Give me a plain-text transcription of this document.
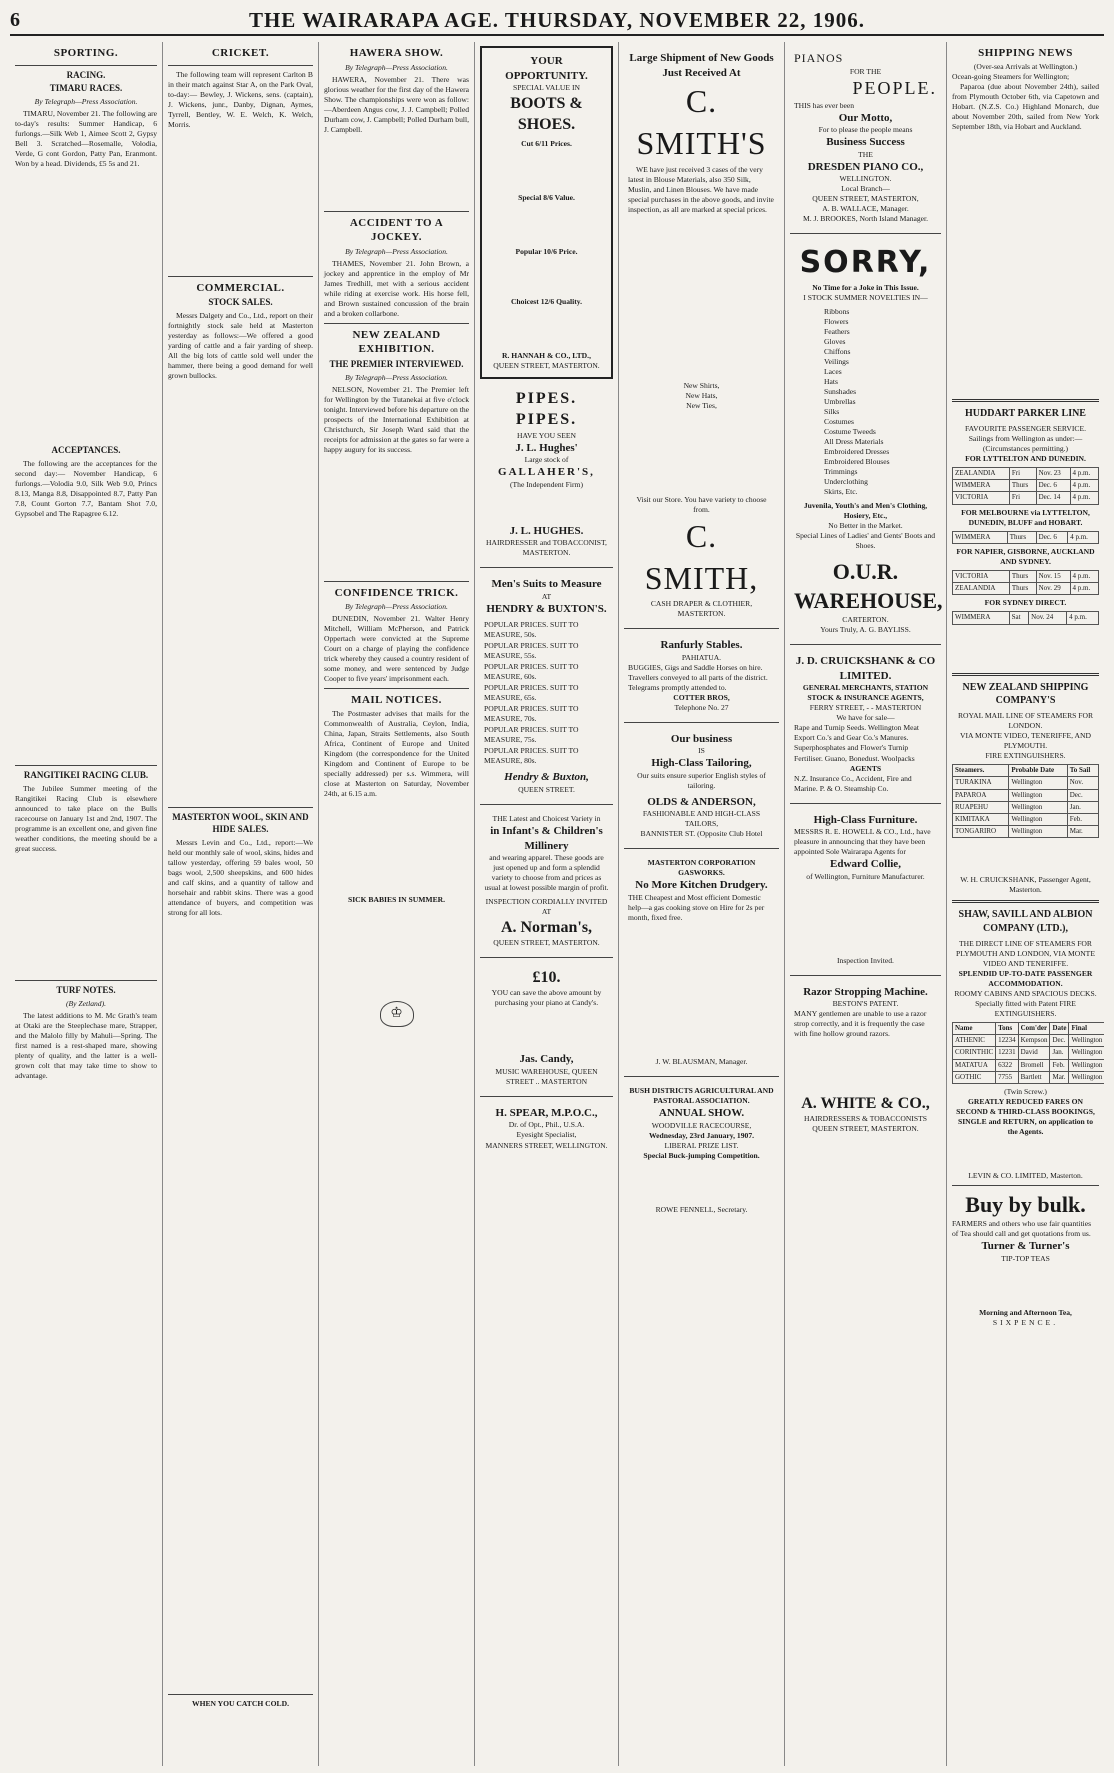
6	THE WAIRARAPA AGE. THURSDAY, NOVEMBER 22, 1906.
SPORTING.
RACING.
TIMARU RACES.
By Telegraph—Press Association.
TIMARU, November 21. The following are to-day's results: Summer Handicap, 6 furlongs.—Silk Web 1, Aimee Scott 2, Gypsy Bell 3. Scratched—Rosemalle, Volodia, Verde, G cont Gordon, Patty Pan, Eranmont. Won by a head. Dividends, £5 5s and 21.
ACCEPTANCES.
The following are the acceptances for the second day:— November Handicap, 6 furlongs.—Volodia 9.0, Silk Web 9.0, Princs 8.13, Manga 8.8, Disappointed 8.7, Patty Pan 7.8, Count Gorton 7.7, Bantam Shot 7.0, Gypsobel and The Rapagree 6.12.
RANGITIKEI RACING CLUB.
The Jubilee Summer meeting of the Rangitikei Racing Club is elsewhere announced to take place on the Bulls racecourse on January 1st and 2nd, 1907. The programme is an excellent one, and given fine weather conditions, the meeting should be a great success.
TURF NOTES.
(By Zetland).
The latest additions to M. Mc Grath's team at Otaki are the Steeplechase mare, Strapper, and the Malolo filly by Mahuli—Spring. The first named is a rest-shaped mare, showing plenty of quality, and the latter is a well-grown colt that may take time to show to advantage.
CRICKET.
The following team will represent Carlton B in their match against Star A, on the Park Oval, to-day:— Bewley, J. Wickens, sens. (captain), J. Wickens, junr., Danby, Dignan, Aymes, Tyrrell, Bentley, W. E. Welch, K. Welch, Morris.
COMMERCIAL.
STOCK SALES.
Messrs Dalgety and Co., Ltd., report on their fortnightly stock sale held at Masterton yesterday as follows:—We offered a good yarding of cattle and a fair yarding of sheep. All the big lots of cattle sold well under the hammer, there being a good demand for well grown bullocks.
MASTERTON WOOL, SKIN AND HIDE SALES.
Messrs Levin and Co., Ltd., report:—We held our monthly sale of wool, skins, hides and tallow yesterday, offering 59 bales wool, 50 bags wool, 2,500 sheepskins, and 600 hides and calf skins, and a quantity of tallow and horsehair and rabbit skins. There was a good attendance of buyers, and competition was strong for all lots.
WHEN YOU CATCH COLD.
HAWERA SHOW.
By Telegraph—Press Association.
HAWERA, November 21. There was glorious weather for the first day of the Hawera Show. The championships were won as follow:—Aberdeen Angus cow, J. J. Campbell; Polled Durham cow, J. Campbell; Polled Durham bull, J. Campbell.
ACCIDENT TO A JOCKEY.
By Telegraph—Press Association.
THAMES, November 21. John Brown, a jockey and apprentice in the employ of Mr James Tredhill, met with a serious accident while riding at exercise work. His horse fell, and Brown sustained concussion of the brain and a broken collarbone.
NEW ZEALAND EXHIBITION.
THE PREMIER INTERVIEWED.
By Telegraph—Press Association.
NELSON, November 21. The Premier left for Wellington by the Tutanekai at five o'clock tonight. Interviewed before his departure on the prospects of the International Exhibition at Christchurch, Sir Joseph Ward said that the receipts for admission at the gates so far were a happy augury for its success.
CONFIDENCE TRICK.
By Telegraph—Press Association.
DUNEDIN, November 21. Walter Henry Mitchell, William McPherson, and Patrick Oppertach were convicted at the Supreme Court on a charge of playing the confidence trick whereby they caused a country resident of some money, and were sentenced by Judge Cooper to five years' imprisonment each.
MAIL NOTICES.
The Postmaster advises that mails for the Commonwealth of Australia, Ceylon, India, China, Japan, Straits Settlements, also South Africa, Continent of Europe and United Kingdom (the correspondence for the United Kingdom and Continent of Europe to be specially addressed) per s.s. Wimmera, will close at Masterton on Saturday, November 24th, at 6.15 a.m.
SICK BABIES IN SUMMER.
♔
YOUR OPPORTUNITY.
SPECIAL VALUE IN
BOOTS & SHOES.
Cut 6/11 Prices.
Special 8/6 Value.
Popular 10/6 Price.
Choicest 12/6 Quality.
R. HANNAH & CO., LTD.,
QUEEN STREET, MASTERTON.
PIPES. PIPES.
HAVE YOU SEEN
J. L. Hughes'
Large stock of
GALLAHER'S,
(The Independent Firm)
J. L. HUGHES.
HAIRDRESSER and TOBACCONIST, MASTERTON.
Men's Suits to Measure
AT
HENDRY & BUXTON'S.
POPULAR PRICES. SUIT TO MEASURE, 50s.
POPULAR PRICES. SUIT TO MEASURE, 55s.
POPULAR PRICES. SUIT TO MEASURE, 60s.
POPULAR PRICES. SUIT TO MEASURE, 65s.
POPULAR PRICES. SUIT TO MEASURE, 70s.
POPULAR PRICES. SUIT TO MEASURE, 75s.
POPULAR PRICES. SUIT TO MEASURE, 80s.
Hendry & Buxton,
QUEEN STREET.
THE Latest and Choicest Variety in
in Infant's & Children's Millinery
and wearing apparel. These goods are just opened up and form a splendid variety to choose from and prices as usual at lowest possible margin of profit.
INSPECTION CORDIALLY INVITED AT
A. Norman's,
QUEEN STREET, MASTERTON.
£10.
YOU can save the above amount by purchasing your piano at Candy's.
Jas. Candy,
MUSIC WAREHOUSE, QUEEN STREET .. MASTERTON
H. SPEAR, M.P.O.C.,
Dr. of Opt., Phil., U.S.A.
Eyesight Specialist,
MANNERS STREET, WELLINGTON.
Large Shipment of New Goods Just Received At
C. SMITH'S
WE have just received 3 cases of the very latest in Blouse Materials, also 350 Silk, Muslin, and Linen Blouses. We have made special purchases in the above goods, and invite inspection, as all are marked at special prices.
New Shirts,
New Hats,
New Ties,
Visit our Store. You have variety to choose from.
C. SMITH,
CASH DRAPER & CLOTHIER, MASTERTON.
Ranfurly Stables.
PAHIATUA.
BUGGIES, Gigs and Saddle Horses on hire. Travellers conveyed to all parts of the district. Telegrams promptly attended to.
COTTER BROS,
Telephone No. 27
Our business
IS
High-Class Tailoring,
Our suits ensure superior English styles of tailoring.
OLDS & ANDERSON,
FASHIONABLE AND HIGH-CLASS TAILORS,
BANNISTER ST. (Opposite Club Hotel
MASTERTON CORPORATION GASWORKS.
No More Kitchen Drudgery.
THE Cheapest and Most efficient Domestic help—a gas cooking stove on Hire for 2s per month, fixed free.
J. W. BLAUSMAN, Manager.
BUSH DISTRICTS AGRICULTURAL AND PASTORAL ASSOCIATION.
ANNUAL SHOW.
WOODVILLE RACECOURSE,
Wednesday, 23rd January, 1907.
LIBERAL PRIZE LIST.
Special Buck-jumping Competition.
ROWE FENNELL, Secretary.
PIANOS
FOR THE
PEOPLE.
THIS has ever been
Our Motto,
For to please the people means
Business Success
THE
DRESDEN PIANO CO.,
WELLINGTON.
Local Branch—
QUEEN STREET, MASTERTON,
A. B. WALLACE, Manager.
M. J. BROOKES, North Island Manager.
SORRY,
No Time for a Joke in This Issue.
I STOCK SUMMER NOVELTIES IN—
Ribbons
Flowers
Feathers
Gloves
Chiffons
Veilings
Laces
Hats
Sunshades
Umbrellas
Silks
Costumes
Costume Tweeds
All Dress Materials
Embroidered Dresses
Embroidered Blouses
Trimmings
Underclothing
Skirts, Etc.
Juvenila, Youth's and Men's Clothing, Hosiery, Etc.,
No Better in the Market.
Special Lines of Ladies' and Gents' Boots and Shoes.
O.U.R. WAREHOUSE,
CARTERTON.
Yours Truly, A. G. BAYLISS.
J. D. CRUICKSHANK & CO LIMITED.
GENERAL MERCHANTS, STATION STOCK & INSURANCE AGENTS,
FERRY STREET, - - MASTERTON
We have for sale—
Rape and Turnip Seeds. Wellington Meat Export Co.'s and Gear Co.'s Manures. Superphosphates and Flower's Turnip Fertiliser. Guano, Bonedust. Woolpacks
AGENTS
N.Z. Insurance Co., Accident, Fire and Marine. P. & O. Steamship Co.
High-Class Furniture.
MESSRS R. E. HOWELL & CO., Ltd., have pleasure in announcing that they have been appointed Sole Wairarapa Agents for
Edward Collie,
of Wellington, Furniture Manufacturer.
Inspection Invited.
Razor Stropping Machine.
BESTON'S PATENT.
MANY gentlemen are unable to use a razor strop correctly, and it is frequently the case with fine hollow ground razors.
A. WHITE & CO.,
HAIRDRESSERS & TOBACCONISTS QUEEN STREET, MASTERTON.
SHIPPING NEWS
(Over-sea Arrivals at Wellington.)
Ocean-going Steamers for Wellington;
Paparoa (due about November 24th), sailed from Plymouth October 6th, via Capetown and Hobart. (N.Z.S. Co.) Highland Monarch, due about November 20th, sailed from New York September 18th, via Hobart and Auckland.
HUDDART PARKER LINE
FAVOURITE PASSENGER SERVICE.
Sailings from Wellington as under:—
(Circumstances permitting.)
FOR LYTTELTON AND DUNEDIN.
ZEALANDIA	Fri	Nov. 23	4 p.m.
WIMMERA	Thurs	Dec. 6	4 p.m.
VICTORIA	Fri	Dec. 14	4 p.m.
FOR MELBOURNE via LYTTELTON, DUNEDIN, BLUFF and HOBART.
WIMMERA	Thurs	Dec. 6	4 p.m.
FOR NAPIER, GISBORNE, AUCKLAND AND SYDNEY.
VICTORIA	Thurs	Nov. 15	4 p.m.
ZEALANDIA	Thurs	Nov. 29	4 p.m.
FOR SYDNEY DIRECT.
WIMMERA	Sat	Nov. 24	4 p.m.
NEW ZEALAND SHIPPING COMPANY'S
ROYAL MAIL LINE OF STEAMERS FOR LONDON.
VIA MONTE VIDEO, TENERIFFE, AND PLYMOUTH.
FIRE EXTINGUISHERS.
Steamers.	Probable Date	To Sail
TURAKINA	Wellington	Nov.
PAPAROA	Wellington	Dec.
RUAPEHU	Wellington	Jan.
KIMITAKA	Wellington	Feb.
TONGARIRO	Wellington	Mar.
W. H. CRUICKSHANK, Passenger Agent, Masterton.
SHAW, SAVILL AND ALBION COMPANY (LTD.),
THE DIRECT LINE OF STEAMERS FOR PLYMOUTH AND LONDON, VIA MONTE VIDEO AND TENERIFFE.
SPLENDID UP-TO-DATE PASSENGER ACCOMMODATION.
ROOMY CABINS AND SPACIOUS DECKS.
Specially fitted with Patent FIRE EXTINGUISHERS.
Name	Tons	Com'der	Date	Final
ATHENIC	12234	Kempson	Dec.	Wellington
CORINTHIC	12231	David	Jan.	Wellington
MATATUA	6322	Bromell	Feb.	Wellington
GOTHIC	7755	Bartlett	Mar.	Wellington
(Twin Screw.)
GREATLY REDUCED FARES ON SECOND & THIRD-CLASS BOOKINGS, SINGLE and RETURN, on application to the Agents.
LEVIN & CO. LIMITED, Masterton.
Buy by bulk.
FARMERS and others who use fair quantities of Tea should call and get quotations from us.
Turner & Turner's
TIP-TOP TEAS
Morning and Afternoon Tea,
SIXPENCE.
